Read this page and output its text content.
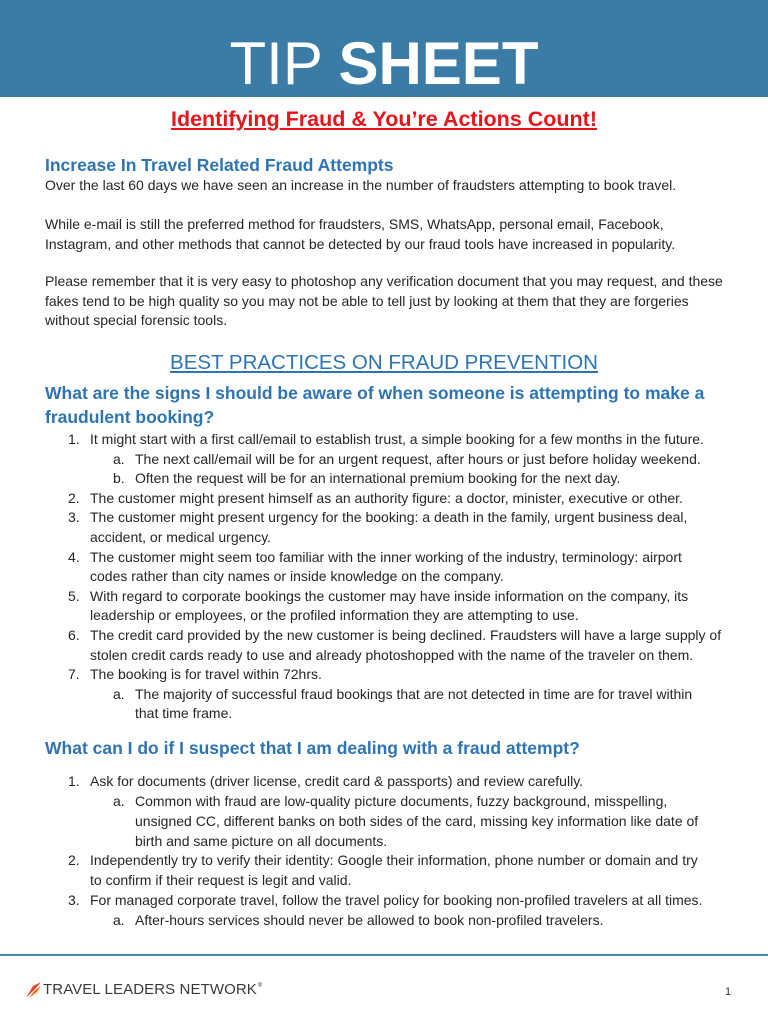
TIP SHEET
Identifying Fraud & You’re Actions Count!
Increase In Travel Related Fraud Attempts
Over the last 60 days we have seen an increase in the number of fraudsters attempting to book travel.
While e-mail is still the preferred method for fraudsters, SMS, WhatsApp, personal email, Facebook,
Instagram, and other methods that cannot be detected by our fraud tools have increased in popularity.
Please remember that it is very easy to photoshop any verification document that you may request, and these
fakes tend to be high quality so you may not be able to tell just by looking at them that they are forgeries
without special forensic tools.
BEST PRACTICES ON FRAUD PREVENTION
What are the signs I should be aware of when someone is attempting to make a
fraudulent booking?
1. It might start with a first call/email to establish trust, a simple booking for a few months in the future.
a. The next call/email will be for an urgent request, after hours or just before holiday weekend.
b. Often the request will be for an international premium booking for the next day.
2. The customer might present himself as an authority figure: a doctor, minister, executive or other.
3. The customer might present urgency for the booking: a death in the family, urgent business deal,
accident, or medical urgency.
4. The customer might seem too familiar with the inner working of the industry, terminology: airport
codes rather than city names or inside knowledge on the company.
5. With regard to corporate bookings the customer may have inside information on the company, its
leadership or employees, or the profiled information they are attempting to use.
6. The credit card provided by the new customer is being declined. Fraudsters will have a large supply of
stolen credit cards ready to use and already photoshopped with the name of the traveler on them.
7. The booking is for travel within 72hrs.
a. The majority of successful fraud bookings that are not detected in time are for travel within
that time frame.
What can I do if I suspect that I am dealing with a fraud attempt?
1. Ask for documents (driver license, credit card & passports) and review carefully.
a. Common with fraud are low-quality picture documents, fuzzy background, misspelling,
unsigned CC, different banks on both sides of the card, missing key information like date of
birth and same picture on all documents.
2. Independently try to verify their identity: Google their information, phone number or domain and try
to confirm if their request is legit and valid.
3. For managed corporate travel, follow the travel policy for booking non-profiled travelers at all times.
a. After-hours services should never be allowed to book non-profiled travelers.
TRAVEL LEADERS NETWORK ®	1
